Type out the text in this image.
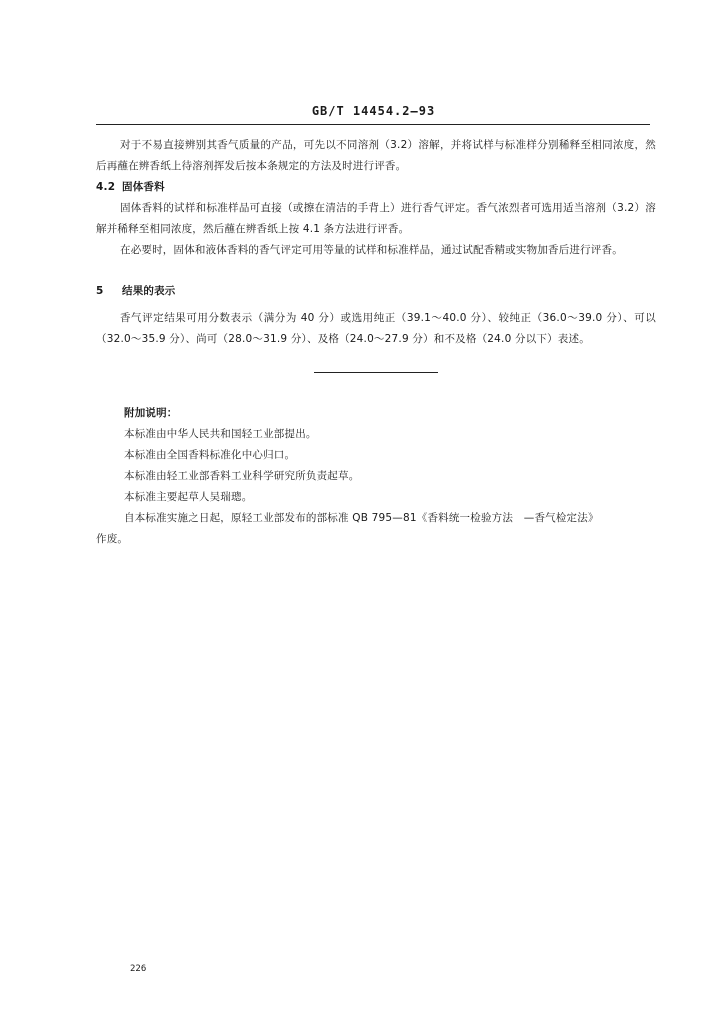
GB/T 14454.2—93

对于不易直接辨别其香气质量的产品，可先以不同溶剂（3.2）溶解，并将试样与标准样分别稀释至相同浓度，然后再蘸在辨香纸上待溶剂挥发后按本条规定的方法及时进行评香。

4.2 固体香料

固体香料的试样和标准样品可直接（或擦在清洁的手背上）进行香气评定。香气浓烈者可选用适当溶剂（3.2）溶解并稀释至相同浓度，然后蘸在辨香纸上按 4.1 条方法进行评香。

在必要时，固体和液体香料的香气评定可用等量的试样和标准样品，通过试配香精或实物加香后进行评香。

5 结果的表示

香气评定结果可用分数表示（满分为 40 分）或选用纯正（39.1～40.0 分）、较纯正（36.0～39.0 分）、可以（32.0～35.9 分）、尚可（28.0～31.9 分）、及格（24.0～27.9 分）和不及格（24.0 分以下）表述。

附加说明：
本标准由中华人民共和国轻工业部提出。
本标准由全国香料标准化中心归口。
本标准由轻工业部香料工业科学研究所负责起草。
本标准主要起草人吴瑞璁。
自本标准实施之日起，原轻工业部发布的部标准 QB 795—81《香料统一检验方法　—香气检定法》
作废。
226
